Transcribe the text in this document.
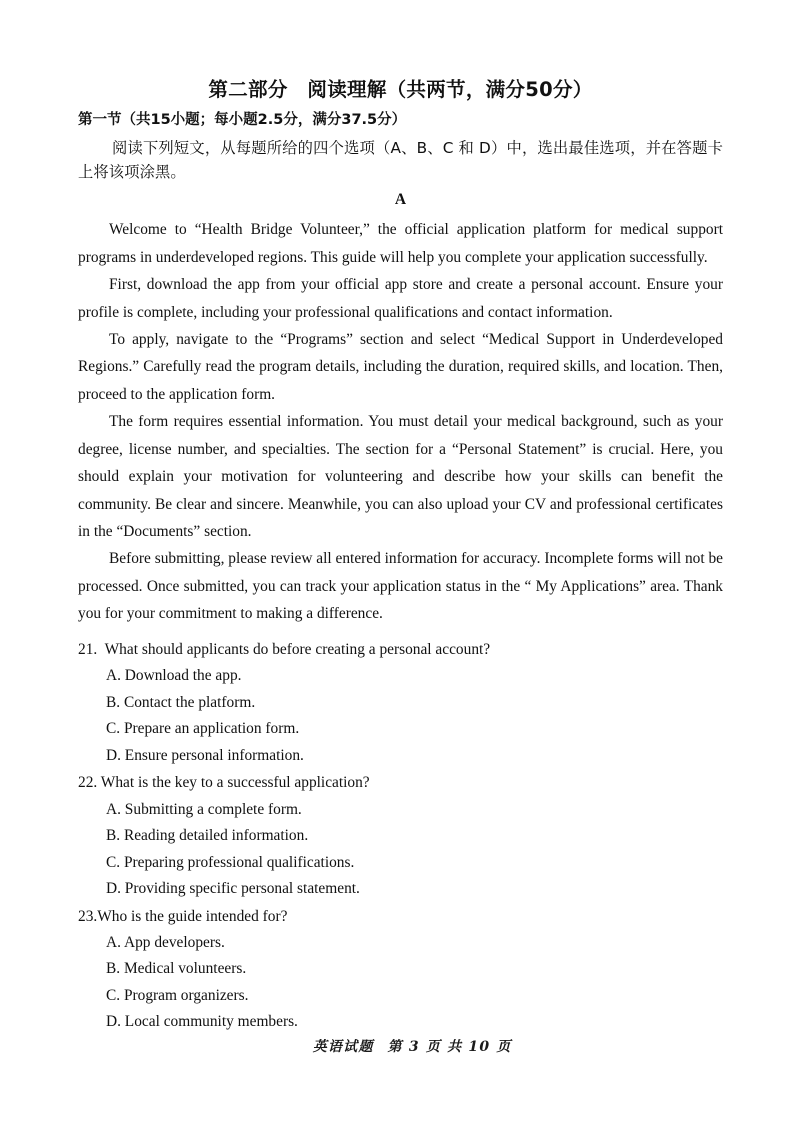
第二部分　阅读理解（共两节，满分50分）
第一节（共15小题；每小题2.5分，满分37.5分）

阅读下列短文，从每题所给的四个选项（A、B、C 和 D）中，选出最佳选项，并在答题卡上将该项涂黑。

A

Welcome to “Health Bridge Volunteer,” the official application platform for medical support programs in underdeveloped regions. This guide will help you complete your application successfully.

First, download the app from your official app store and create a personal account. Ensure your profile is complete, including your professional qualifications and contact information.

To apply, navigate to the “Programs” section and select “Medical Support in Underdeveloped Regions.” Carefully read the program details, including the duration, required skills, and location. Then, proceed to the application form.

The form requires essential information. You must detail your medical background, such as your degree, license number, and specialties. The section for a “Personal Statement” is crucial. Here, you should explain your motivation for volunteering and describe how your skills can benefit the community. Be clear and sincere. Meanwhile, you can also upload your CV and professional certificates in the “Documents” section.

Before submitting, please review all entered information for accuracy. Incomplete forms will not be processed. Once submitted, you can track your application status in the “ My Applications” area. Thank you for your commitment to making a difference.

21.  What should applicants do before creating a personal account?

A. Download the app.

B. Contact the platform.

C. Prepare an application form.

D. Ensure personal information.

22. What is the key to a successful application?

A. Submitting a complete form.

B. Reading detailed information.

C. Preparing professional qualifications.

D. Providing specific personal statement.

23.Who is the guide intended for?

A. App developers.

B. Medical volunteers.

C. Program organizers.

D. Local community members.

英语试题 第 3 页 共 10 页
